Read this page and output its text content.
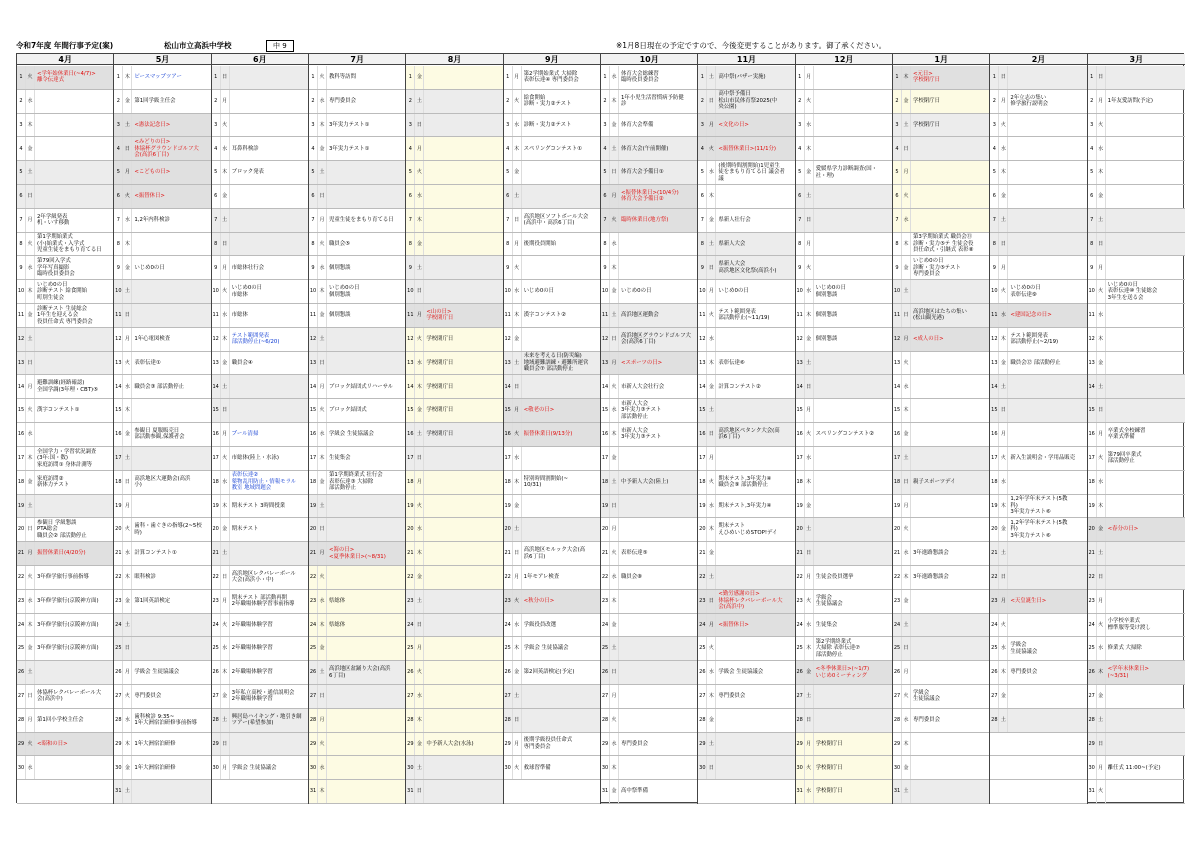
令和7年度 年間行事予定(案)	松山市立高浜中学校	中 9	※1月8日現在の予定ですので、今後変更することがあります。御了承ください。
4月
1 火
<学年始休業日(~4/7)>
離令伝達式
2 水
3 木
4 金
5 土
6 日
7 月
2年学級発表
机・いす移動
8 火
第1学期始業式
(小)始業式・入学式
児童生徒をまもり育てる日
9 水
第79回入学式
学年写真撮影
臨時役員委員会
10 木
いじめ0の日
診断テスト 給食開始
町別生徒会
11 金
診断テスト 生徒総会
1年生を迎える会
役員任命式 専門委員会
12 土
13 日
14 月
避難訓練(経路確認)
全国学調(3年理・CBT)⑤
15 火 漢字コンテスト①
16 水
17 木
全国学力・学習状況調査
(3年:国・数)
家庭訪問① 身体計測等
18 金
家庭訪問②
新体力テスト
19 土
20 日
参観日 学級懇談
PTA総会
職員会② 部活動停止
21 月 振替休業日(4/20分)
22 火 3年修学旅行事前指導
23 水 3年修学旅行(京阪神方面)
24 木 3年修学旅行(京阪神方面)
25 金 3年修学旅行(京阪神方面)
26 土
27 日
体協杯レクバレーボール大
会(高浜中)
28 月 第1回小学校主任会
29 火 <昭和の日>
30 水
5月
1 木 ピースマップツアー
2 金 第1回学級主任会
3 土 <憲法記念日>
4 日
<みどりの日>
体協杯グラウンドゴルフ大
会(高浜6丁目)
5 月 <こどもの日>
6 火 <振替休日>
7 水 1,2年内科検診
8 木
9 金 いじめ0の日
10 土
11 日
12 月 1年心電図検査
13 火 表彰伝達①
14 水 職員会③ 部活動停止
15 木
16 金
参観日 夏服販売日
部活動参観,保護者会
17 土
18 日
高浜地区大運動会(高浜
小)
19 月
20 火
歯科・歯ぐきの指導(2~5校
時)
21 水 計算コンテスト①
22 木 眼科検診
23 金 第1回英語検定
24 土
25 日
26 月 学級会 生徒協議会
27 火 専門委員会
28 水
歯科検診 9:35~
1年大洲宿泊研修事前指導
29 木 1年大洲宿泊研修
30 金 1年大洲宿泊研修
31 土
6月
1 日
2 月
3 火
4 水 耳鼻科検診
5 木 ブロック発表
6 金
7 土
8 日
9 月 市総体壮行会
10 火
いじめ0の日
市総体
11 水 市総体
12 木
テスト範囲発表
部活動停止(~6/20)
13 金 職員会④
14 土
15 日
16 月 プール清掃
17 火 市総体(陸上・水泳)
18 水
表彰伝達②
薬物乱用防止・情報モラル
教室 地域問題会
19 木 期末テスト 3時間授業
20 金 期末テスト
21 土
22 日
高浜地区レクバレーボール
大会(高浜小・中)
23 月
期末テスト 部活動再開
2年職場体験学習事前指導
24 火 2年職場体験学習
25 水 2年職場体験学習
26 木 2年職場体験学習
27 金
3年私立高校・通信説明会
2年職場体験学習
28 土
興居島ハイキング・地引き網
ツアー(希望参加)
29 日
30 月 学級会 生徒協議会
7月
1 火 教科等訪問
2 水 専門委員会
3 木 3年実力テスト①
4 金 3年実力テスト①
5 土
6 日
7 月 児童生徒をまもり育てる日
8 火 職員会⑤
9 水 個別懇談
10 木
いじめ0の日
個別懇談
11 金 個別懇談
12 土
13 日
14 月 ブロック結団式リハーサル
15 火 ブロック結団式
16 水 学級会 生徒協議会
17 木 生徒集会
18 金
第1学期終業式 壮行会
表彰伝達③ 大掃除
部活動停止
19 土
20 日
21 月
<海の日>
<夏季休業日>(~8/31)
22 火
23 水 県総体
24 木 県総体
25 金
26 土
高浜地区盆踊り大会(高浜
6丁目)
27 日
28 月
29 火
30 水
31 木
8月
1 金
2 土
3 日
4 月
5 火
6 水
7 木
8 金
9 土
10 日
11 月
<山の日>
学校閉庁日
12 火 学校閉庁日
13 水 学校閉庁日
14 木 学校閉庁日
15 金 学校閉庁日
16 土 学校閉庁日
17 日
18 月
19 火
20 水
21 木
22 金
23 土
24 日
25 月
26 火
27 水
28 木
29 金 中予新人大会(水泳)
30 土
31 日
9月
1 月
第2学期始業式 大掃除
表彰伝達④ 専門委員会
2 火
給食開始
診断・実力②テスト
3 水 診断・実力②テスト
4 木 スペリングコンテスト①
5 金
6 土
7 日
高浜地区ソフトボール大会
(高浜中・高浜6丁目)
8 月 後期役員開始
9 火
10 水 いじめ0の日
11 木 漢字コンテスト②
12 金
13 土
未来を考える日(防災編)
地域避難訓練・避難所運営
職員会⑦ 部活動停止
14 日
15 月 <敬老の日>
16 火 振替休業日(9/13分)
17 水
18 木
特別時間割開始(~
10/31)
19 金
20 土
21 日
高浜地区モルック大会(高
浜6丁目)
22 月 1年モアレ検査
23 火 <秋分の日>
24 水 学級役員改選
25 木 学級会 生徒協議会
26 金 第2回英語検定(予定)
27 土
28 日
29 月
後期学級役員任命式
専門委員会
30 火 救球習準備
10月
1 水
体育大会総練習
臨時役員委員会
2 木
1年小児生活習慣病予防健
診
3 金 体育大会準備
4 土 体育大会(午前開催)
5 日 体育大会予備日①
6 月
<振替休業日>(10/4分)
体育大会予備日②
7 火 臨時休業日(地方祭)
8 水
9 木
10 金 いじめ0の日
11 土 高浜地区運動会
12 日
高浜地区グラウンドゴルフ大
会(高浜6丁目)
13 月 <スポーツの日>
14 火 市新人大会壮行会
15 水
市新人大会
3年実力③テスト
部活動停止
16 木
市新人大会
3年実力③テスト
17 金
18 土 中予新人大会(陸上)
19 日
20 月
21 火 表彰伝達⑤
22 水 職員会⑧
23 木
24 金
25 土
26 日
27 月
28 火
29 水 専門委員会
30 木
31 金 高中祭準備
11月
1 土 高中祭(バザー実施)
2 日
高中祭予備日
松山市民体育祭2025(中
央公園)
3 月 <文化の日>
4 火 <振替休業日>(11/1分)
5 水
(後期時間割開始)1児童生
徒をまもり育てる日 議会者
議
6 木
7 金 県新人壮行会
8 土 県新人大会
9 日
県新人大会
高浜地区文化祭(高浜小)
10 月 いじめ0の日
11 火
テスト範囲発表
部活動停止(~11/19)
12 水
13 木 表彰伝達⑥
14 金 計算コンテスト②
15 土
16 日
高浜地区ペタンク大会(高
浜6丁目)
17 月
18 火
期末テスト,3年実力④
職員会⑨ 部活動停止
19 水 期末テスト,3年実力④
20 木
期末テスト
えひめいじめSTOP!デイ
21 金
22 土
23 日
<勤労感謝の日>
体協杯レクバレーボール大
会(高浜中)
24 月 <振替休日>
25 火
26 水 学級会 生徒協議会
27 木 専門委員会
28 金
29 土
30 日
12月
1 月
2 火
3 水
4 木
5 金
愛媛県学力診断調査(国・
社・理)
6 土
7 日
8 月
9 火
10 水
いじめ0の日
個別懇談
11 木 個別懇談
12 金 個別懇談
13 土
14 日
15 月
16 火 スペリングコンテスト②
17 水
18 木
19 金
20 土
21 日
22 月 生徒会役員選挙
23 火
学級会
生徒協議会
24 水 生徒集会
25 木
第2学期終業式
大掃除 表彰伝達⑦
部活動停止
26 金
<冬季休業日>(~1/7)
いじめ0ミーティング
27 土
28 日
29 月 学校閉庁日
30 火 学校閉庁日
31 水 学校閉庁日
1月
1 木
<元日>
学校閉庁日
2 金 学校閉庁日
3 土 学校閉庁日
4 日
5 月
6 火
7 水
8 木
第3学期始業式 職員会⑪
診断・実力⑤テ 生徒会役
員任命式・引継式 表彰⑧
9 金
いじめ0の日
診断・実力⑤テスト
専門委員会
10 土
11 日
高浜地区はたちの集い
(松山観光港)
12 月 <成人の日>
13 火
14 水
15 木
16 金
17 土
18 日 親子スポーツデイ
19 月
20 火
21 水 3年進路懇談会
22 木 3年進路懇談会
23 金
24 土
25 日
26 月
27 火
学級会
生徒協議会
28 水 専門委員会
29 木
30 金
31 土
2月
1 日
2 月
2年立志の集い
修学旅行説明会
3 火
4 水
5 木
6 金
7 土
8 日
9 月
10 火
いじめ0の日
表彰伝達⑨
11 水 <建国記念の日>
12 木
テスト範囲発表
部活動停止(~2/19)
13 金 職員会⑫ 部活動停止
14 土
15 日
16 月
17 火 新入生説明会・学用品販売
18 水
19 木
1,2年学年末テスト(5教
科)
3年実力テスト⑥
20 金
1,2年学年末テスト(5教
科)
3年実力テスト⑥
21 土
22 日
23 月 <天皇誕生日>
24 火
25 水
学級会
生徒協議会
26 木 専門委員会
27 金
28 土
3月
1 日
2 月 1年友愛訪問(予定)
3 火
4 水
5 木
6 金
7 土
8 日
9 月
10 火
いじめ0の日
表彰伝達⑩ 生徒総会
3年生を送る会
11 水
12 木
13 金
14 土
15 日
16 月
卒業式全校練習
卒業式準備
17 火
第79回卒業式
部活動停止
18 水
19 木
20 金 <春分の日>
21 土
22 日
23 月
24 火
小学校卒業式
標準服等受け渡し
25 水 修業式 大掃除
26 木
<学年末休業日>
(~3/31)
27 金
28 土
29 日
30 月 離任式 11:00~(予定)
31 火
